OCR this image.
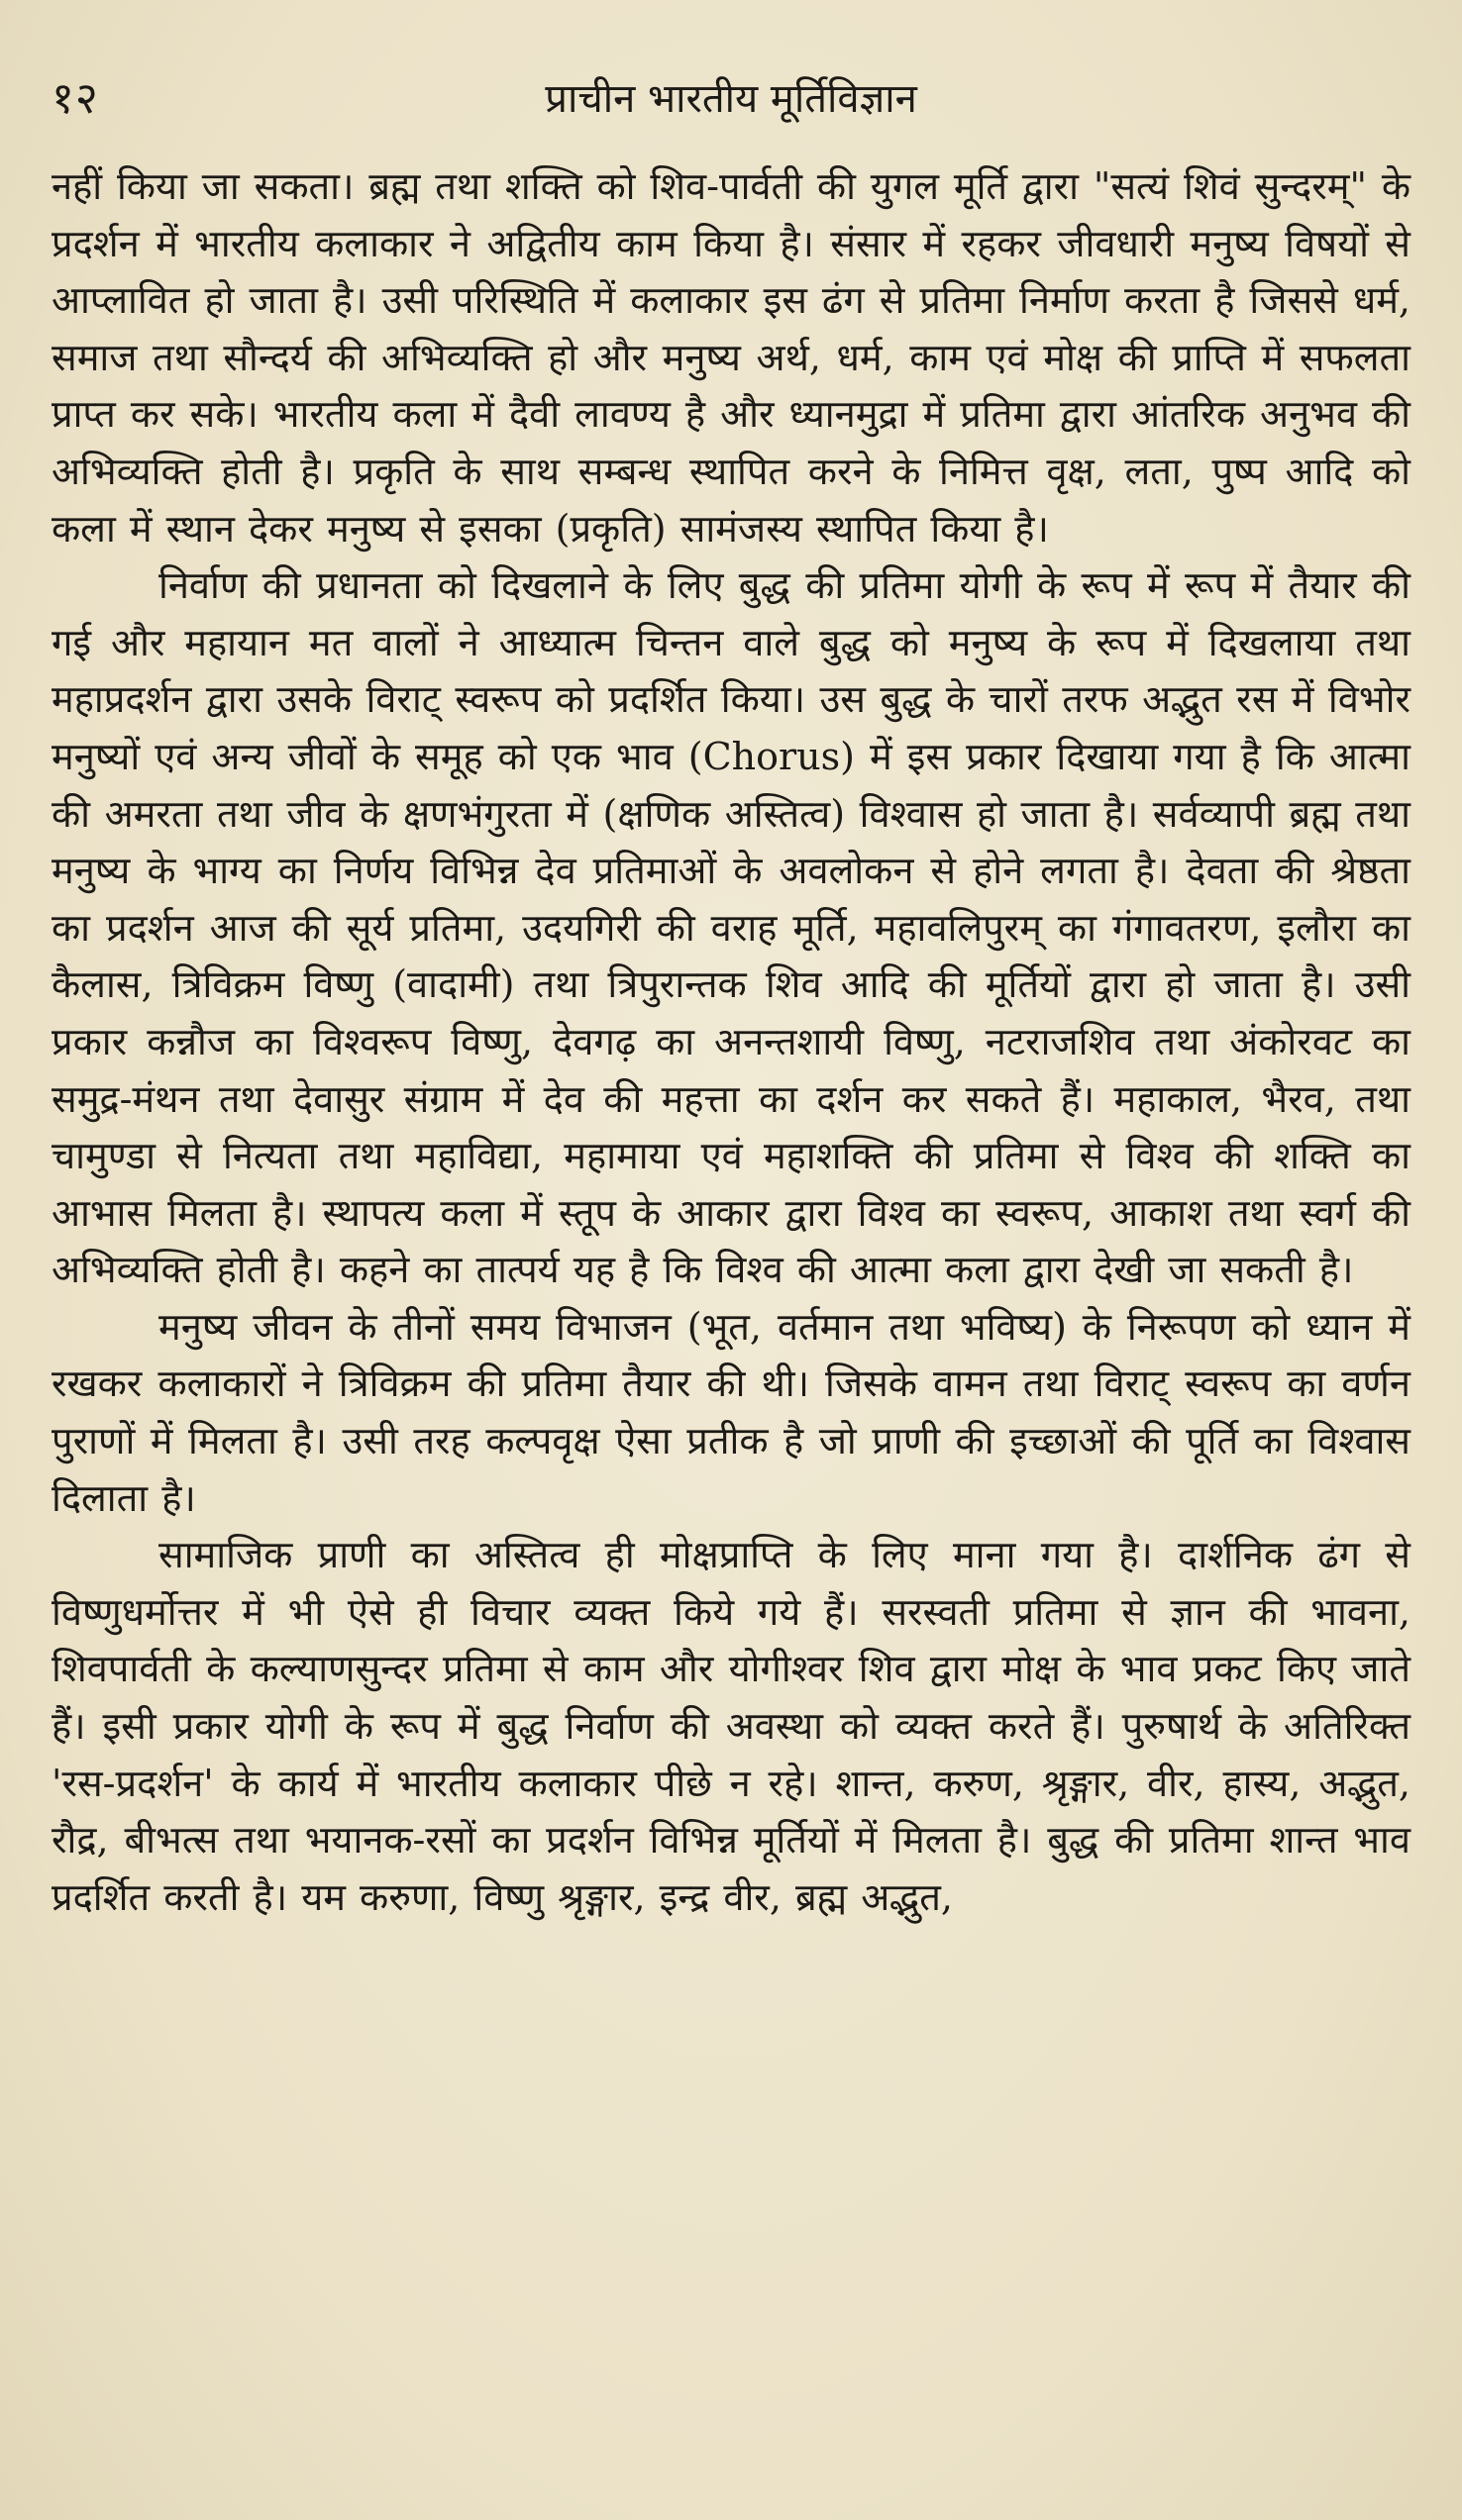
१२	प्राचीन भारतीय मूर्तिविज्ञान

नहीं किया जा सकता। ब्रह्म तथा शक्ति को शिव-पार्वती की युगल मूर्ति द्वारा "सत्यं शिवं सुन्दरम्" के प्रदर्शन में भारतीय कलाकार ने अद्वितीय काम किया है। संसार में रहकर जीवधारी मनुष्य विषयों से आप्लावित हो जाता है। उसी परिस्थिति में कलाकार इस ढंग से प्रतिमा निर्माण करता है जिससे धर्म, समाज तथा सौन्दर्य की अभिव्यक्ति हो और मनुष्य अर्थ, धर्म, काम एवं मोक्ष की प्राप्ति में सफलता प्राप्त कर सके। भारतीय कला में दैवी लावण्य है और ध्यानमुद्रा में प्रतिमा द्वारा आंतरिक अनुभव की अभिव्यक्ति होती है। प्रकृति के साथ सम्बन्ध स्थापित करने के निमित्त वृक्ष, लता, पुष्प आदि को कला में स्थान देकर मनुष्य से इसका (प्रकृति) सामंजस्य स्थापित किया है।

निर्वाण की प्रधानता को दिखलाने के लिए बुद्ध की प्रतिमा योगी के रूप में रूप में तैयार की गई और महायान मत वालों ने आध्यात्म चिन्तन वाले बुद्ध को मनुष्य के रूप में दिखलाया तथा महाप्रदर्शन द्वारा उसके विराट् स्वरूप को प्रदर्शित किया। उस बुद्ध के चारों तरफ अद्भुत रस में विभोर मनुष्यों एवं अन्य जीवों के समूह को एक भाव (Chorus) में इस प्रकार दिखाया गया है कि आत्मा की अमरता तथा जीव के क्षणभंगुरता में (क्षणिक अस्तित्व) विश्वास हो जाता है। सर्वव्यापी ब्रह्म तथा मनुष्य के भाग्य का निर्णय विभिन्न देव प्रतिमाओं के अवलोकन से होने लगता है। देवता की श्रेष्ठता का प्रदर्शन आज की सूर्य प्रतिमा, उदयगिरी की वराह मूर्ति, महावलिपुरम् का गंगावतरण, इलौरा का कैलास, त्रिविक्रम विष्णु (वादामी) तथा त्रिपुरान्तक शिव आदि की मूर्तियों द्वारा हो जाता है। उसी प्रकार कन्नौज का विश्वरूप विष्णु, देवगढ़ का अनन्तशायी विष्णु, नटराजशिव तथा अंकोरवट का समुद्र-मंथन तथा देवासुर संग्राम में देव की महत्ता का दर्शन कर सकते हैं। महाकाल, भैरव, तथा चामुण्डा से नित्यता तथा महाविद्या, महामाया एवं महाशक्ति की प्रतिमा से विश्व की शक्ति का आभास मिलता है। स्थापत्य कला में स्तूप के आकार द्वारा विश्व का स्वरूप, आकाश तथा स्वर्ग की अभिव्यक्ति होती है। कहने का तात्पर्य यह है कि विश्व की आत्मा कला द्वारा देखी जा सकती है।

मनुष्य जीवन के तीनों समय विभाजन (भूत, वर्तमान तथा भविष्य) के निरूपण को ध्यान में रखकर कलाकारों ने त्रिविक्रम की प्रतिमा तैयार की थी। जिसके वामन तथा विराट् स्वरूप का वर्णन पुराणों में मिलता है। उसी तरह कल्पवृक्ष ऐसा प्रतीक है जो प्राणी की इच्छाओं की पूर्ति का विश्वास दिलाता है।

सामाजिक प्राणी का अस्तित्व ही मोक्षप्राप्ति के लिए माना गया है। दार्शनिक ढंग से विष्णुधर्मोत्तर में भी ऐसे ही विचार व्यक्त किये गये हैं। सरस्वती प्रतिमा से ज्ञान की भावना, शिवपार्वती के कल्याणसुन्दर प्रतिमा से काम और योगीश्वर शिव द्वारा मोक्ष के भाव प्रकट किए जाते हैं। इसी प्रकार योगी के रूप में बुद्ध निर्वाण की अवस्था को व्यक्त करते हैं। पुरुषार्थ के अतिरिक्त 'रस-प्रदर्शन' के कार्य में भारतीय कलाकार पीछे न रहे। शान्त, करुण, श्रृङ्गार, वीर, हास्य, अद्भुत, रौद्र, बीभत्स तथा भयानक-रसों का प्रदर्शन विभिन्न मूर्तियों में मिलता है। बुद्ध की प्रतिमा शान्त भाव प्रदर्शित करती है। यम करुणा, विष्णु श्रृङ्गार, इन्द्र वीर, ब्रह्म अद्भुत,
